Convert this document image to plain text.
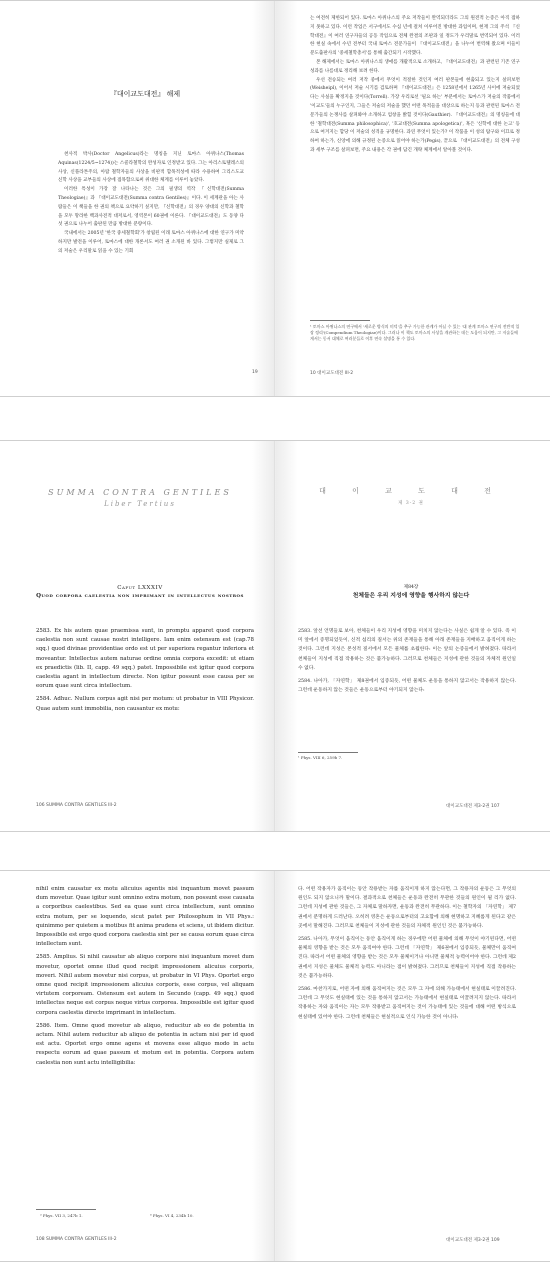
『대이교도대전』 해제

천사적 박사(Doctor Angelicus)라는 명칭을 지닌 토마스 아퀴나스(Thomas Aquinas(1224/5~1274))는 스콜라철학의 완성자로 인정받고 있다. 그는 아리스토텔레스의 사상, 신플라톤주의, 아랍 철학자들의 사상을 비판적 합목적성에 따라 수용하여 그리스도교 신학 사상을 교부들의 사상에 접목함으로써 위대한 체계를 이루어 놓았다.

이러한 특성이 가장 잘 나타나는 것은 그의 필생의 역작 『신학대전(Summa Theologiae)』과 『대이교도대전(Summa contra Gentiles)』이다. 이 세계관을 아는 사람들은 이 책들을 한 권의 책으로 요약하기 싶지만, 『신학대전』의 경우 양대의 신학과 철학을 모두 망라한 백과사전적 대저로서, 영역본이 60권에 이른다. 『대이교도대전』도 동양 다섯 권으로 나누어 출판된 만큼 방대한 분량이다.

국내에서는 2005년 '한국 중세철학회'가 창립된 이래 토마스 아퀴나스에 대한 연구가 미약하지만 발전을 이루어, 토마스에 대한 개론서도 여러 권 소개된 바 있다. 그렇지만 실제로 그의 저술은 우리말로 읽을 수 있는 기회

19

는 여전히 제한되어 있다. 토마스 아퀴나스의 주요 저작들이 완역되더라도 그의 원전적 논증은 아직 접하지 못하고 있다. 이런 작업은 서구에서도 수십 년에 걸쳐 이루어진 방대한 과업이며, 현재 그의 주석 『신학대전』이 여러 연구자들의 공동 작업으로 전체 완결의 조판과 일 정도가 우리말로 번역되어 있다. 이러한 현실 속에서 수년 전부터 국내 토마스 전문가들이 『대이교도대전』을 나누어 번역해 왔으며 이들이 분도출판사의 '중세철학총서'를 통해 출간되기 시작했다.

본 해제에서는 토마스 아퀴나스의 생애를 개괄적으로 소개하고, 『대이교도대전』과 관련된 기존 연구 성과를 나름대로 정리해 보려 한다.

우선 전승되는 여러 저작 중에서 무엇이 적절한 것인지 여러 판본들에 현출되고 있는지 살펴보면(Weisheipl), 이어서 저술 시기를 검토하며 『대이교도대전』은 1258년에서 1265년 사이에 저술되었다는 사실을 확정지을 것이다(Torrell). 가장 우리로선 '필요 하는' 부분에서는 토마스가 저술의 작품에서 '이교도'들의 누구인지, 그들은 저술의 저술을 했던 어떤 목적들을 대상으로 하는지 등과 관련된 토마스 전문가들의 논쟁사를 살펴봐야 소개하고 엄창을 밝힐 것이다(Gauthier). 『대이교도대전』의 명칭들에 대한 '철학대전(Summa philosophica)', '호교대전(Summa apologetica)', 혹은 '신학에 대한 논고' 등으로 여겨지는 합당 이 저술의 성격을 규명한다. 과연 무엇이 있는가? 이 작품을 이 성의 탐구와 이끄로 정하여 하는가, 신앙에 의해 규정된 논증으로 읽어야 하는가(Pegis), 끝으로 『대이교도대전』의 전체 구성과 세부 구조를 살펴보면, 주요 내용은 각 권에 담긴 개략 체계에서 알아볼 것이다.

¹ 토마스 아퀴나스의 연구에서 '새로운 방식의 미덕'을 추구 가능한 관계가 아닐 수 있는 '대 관계 토마스 연구의 전반적 입장 정리'(Compendium Theologiae)이다. 그러나 이 책도 토마스의 사상을 개관하는 데는 도움이 되지만, 그 저술들에게서는 동서 대체로 여러분들로 이후 연속 설명을 통 수 있다.
10 대이교도대전 III-2
SUMMA CONTRA GENTILES
Liber Tertius
Caput LXXXIV
Quod corpora caelestia non imprimant in intellectus nostros

2583. Ex his autem quae praemissa sunt, in promptu apparet quod corpora caelestia non sunt causae nostri intelligere. Iam enim ostensum est (cap.78 sqq.) quod divinae providentiae ordo est ut per superiora regantur inferiora et moveantur. Intellectus autem naturae ordine omnia corpora excedit: ut etiam ex praedictis (lib. II, capp. 49 sqq.) patet. Impossibile est igitur quod corpora caelestia agant in intellectum directe. Non igitur possunt esse causa per se eorum quae sunt circa intellectum.

2584. Adhuc. Nullum corpus agit nisi per motum: ut probatur in VIII Physicor. Quae autem sunt immobilia, non causantur ex motu:

106 SUMMA CONTRA GENTILES III-2
대 이 교 도 대 전
제 3-2 권
제84장
천체들은 우리 지성에 영향을 행사하지 않는다

2583. 앞선 언명들로 보아, 천체들이 우리 지성에 영향을 미치지 않는다는 사실은 쉽게 알 수 있다. 즉 이미 앞에서 증명되었듯이, 신적 섭리의 질서는 위의 존재들을 통해 아래 존재들을 지배하고 움직이게 하는 것이다. 그런데 지성은 본성적 질서에서 모든 물체를 초월한다: 이는 앞의 논증들에서 밝혀졌다. 따라서 천체들이 지성에 직접 작용하는 것은 불가능하다. 그러므로 천체들은 지성에 관한 것들의 자체적 원인일 수 없다.

2584. 나아가, 「자연학」 제8권에서 입증되듯, 어떤 물체도 운동을 통하지 않고서는 작용하지 않는다. 그런데 운동하지 않는 것들은 운동으로부터 야기되지 않는다:

¹ Phys. VIII 6, 259b 7.
대이교도대전 제3-2권 107

nihil enim causatur ex motu alicuius agentis nisi inquantum movet passum dum movetur. Quae igitur sunt omnino extra motum, non possunt esse causata a corporibus caelestibus. Sed ea quae sunt circa intellectum, sunt omnino extra motum, per se loquendo, sicut patet per Philosophum in VII Phys.: quinimmo per quietem a motibus fit anima prudens et sciens, ut ibidem dicitur. Impossibile est ergo quod corpora caelestia sint per se causa eorum quae circa intellectum sunt.

2585. Amplius. Si nihil causatur ab aliquo corpore nisi inquantum movet dum movetur, oportet omne illud quod recipit impressionem alicuius corporis, moveri. Nihil autem movetur nisi corpus, ut probatur in VI Phys. Oportet ergo omne quod recipit impressionem alicuius corporis, esse corpus, vel aliquam virtutem corpoream. Ostensum est autem in Secundo (capp. 49 sqq.) quod intellectus neque est corpus neque virtus corporea. Impossibile est igitur quod corpora caelestia directe imprimant in intellectum.

2586. Item. Omne quod movetur ab aliquo, reducitur ab eo de potentia in actum. Nihil autem reducitur ab aliquo de potentia in actum nisi per id quod est actu. Oportet ergo omne agens et movens esse aliquo modo in actu respectu eorum ad quae passum et motum est in potentia. Corpora autem caelestia non sunt actu intelligibilia:

⁵ Phys. VII 3, 247b 1.	⁶ Phys. VI 4, 234b 10.
108 SUMMA CONTRA GENTILES III-2

다. 어떤 작용자가 움직이는 동안 작용받는 자를 움직이게 하지 않는다면, 그 작용자의 운동은 그 무엇의 원인도 되지 않으니까 말이다. 결과적으로 천체들은 운동과 완전히 무관한 것들의 원인이 될 리가 없다. 그런데 지성에 관한 것들은, 그 자체로 말하자면, 운동과 완전히 무관하다. 이는 철학자의 「자연학」 제7권에서 분명하게 드러난다. 오히려 영혼은 운동으로부터의 고요함에 의해 현명하고 지혜롭게 된다고 같은 곳에서 말해진다. 그러므로 천체들이 지성에 관한 것들의 자체적 원인인 것은 불가능하다.

2585. 나아가, 무엇이 움직이는 동안 움직이게 하는 경우에만 어떤 물체에 의해 무엇이 야기된다면, 어떤 물체의 영향을 받는 것은 모두 움직여야 한다. 그런데 「자연학」 제6권에서 입증되듯, 물체만이 움직여진다. 따라서 어떤 물체의 영향을 받는 것은 모두 물체이거나 아니면 물체적 능력이어야 한다. 그런데 제2권에서 지성은 물체도 물체적 능력도 아니라는 점이 밝혀졌다. 그러므로 천체들이 지성에 직접 작용하는 것은 불가능하다.

2586. 마찬가지로, 어떤 자에 의해 움직여지는 것은 모두 그 자에 의해 가능태에서 현실태로 이끌려진다. 그런데 그 무엇도 현실태에 있는 것을 통하지 않고서는 가능태에서 현실태로 이끌려지지 않는다. 따라서 작용하는 자와 움직이는 자는 모두 작용받고 움직여지는 것이 가능태에 있는 것들에 대해 어떤 방식으로 현실태에 있어야 한다. 그런데 천체들은 현실적으로 인식 가능한 것이 아니다:

대이교도대전 제3-2권 109
